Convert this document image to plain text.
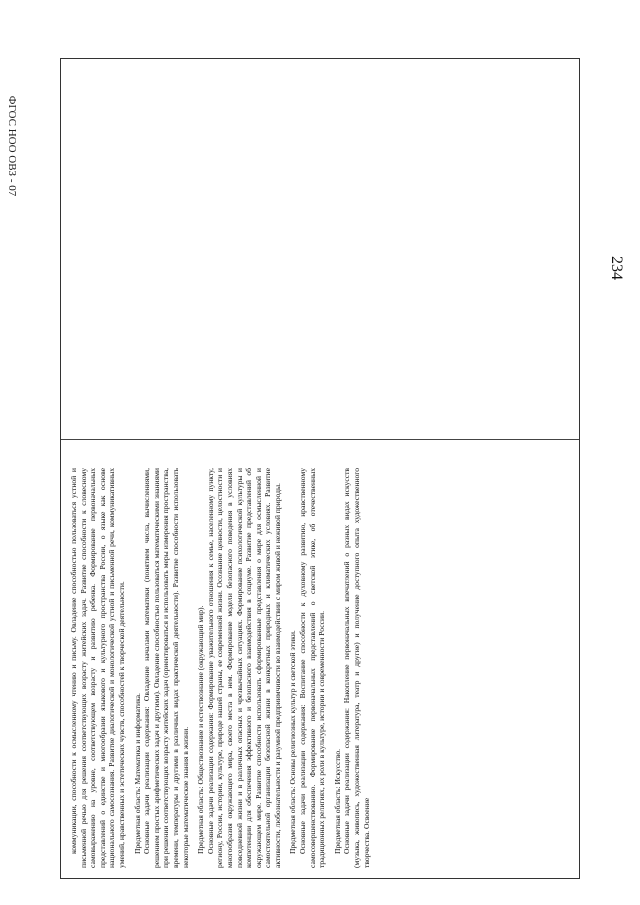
234
ФГОС НОО ОВЗ - 07

коммуникации, способности к осмысленному чтению и письму. Овладение способностью пользоваться устной и письменной речью для решения соответствующих возрасту житейских задач. Развитие способности к словесному самовыражению на уровне, соответствующем возрасту и развитию ребенка. Формирование первоначальных представлений о единстве и многообразии языкового и культурного пространства России, о языке как основе национального самосознания. Развитие диалогической и монологической устной и письменной речи, коммуникативных умений, нравственных и эстетических чувств, способностей к творческой деятельности. Предметная область: Математика и информатика. Основные задачи реализации содержания: Овладение началами математики (понятием числа, вычислениями, решением простых арифметических задач и другими). Овладение способностью пользоваться математическими знаниями при решении соответствующих возрасту житейских задач (ориентироваться и использовать меры измерения пространства, времени, температуры и другими в различных видах практической деятельности). Развитие способности использовать некоторые математические знания в жизни. Предметная область: Обществознание и естествознание (окружающий мир). Основные задачи реализации содержания: Формирование уважительного отношения к семье, населенному пункту, региону, России, истории, культуре, природе нашей страны, ее современной жизни. Осознание ценности, целостности и многообразия окружающего мира, своего места в нем. Формирование модели безопасного поведения в условиях повседневной жизни и в различных опасных и чрезвычайных ситуациях. Формирование психологической культуры и компетенции для обеспечения эффективного и безопасного взаимодействия в социуме. Развитие представлений об окружающем мире. Развитие способности использовать сформированные представления о мире для осмысленной и самостоятельной организации безопасной жизни в конкретных природных и климатических условиях. Развитие активности, любознательности и разумной предприимчивости во взаимодействии с миром живой и неживой природы. Предметная область: Основы религиозных культур и светской этики. Основные задачи реализации содержания: Воспитание способности к духовному развитию, нравственному самосовершенствованию. Формирование первоначальных представлений о светской этике, об отечественных традиционных религиях, их роли в культуре, истории и современности России. Предметная область: Искусство. Основные задачи реализации содержания: Накопление первоначальных впечатлений о разных видах искусств (музыка, живопись, художественная литература, театр и другие) и получение доступного опыта художественного творчества. Освоение
